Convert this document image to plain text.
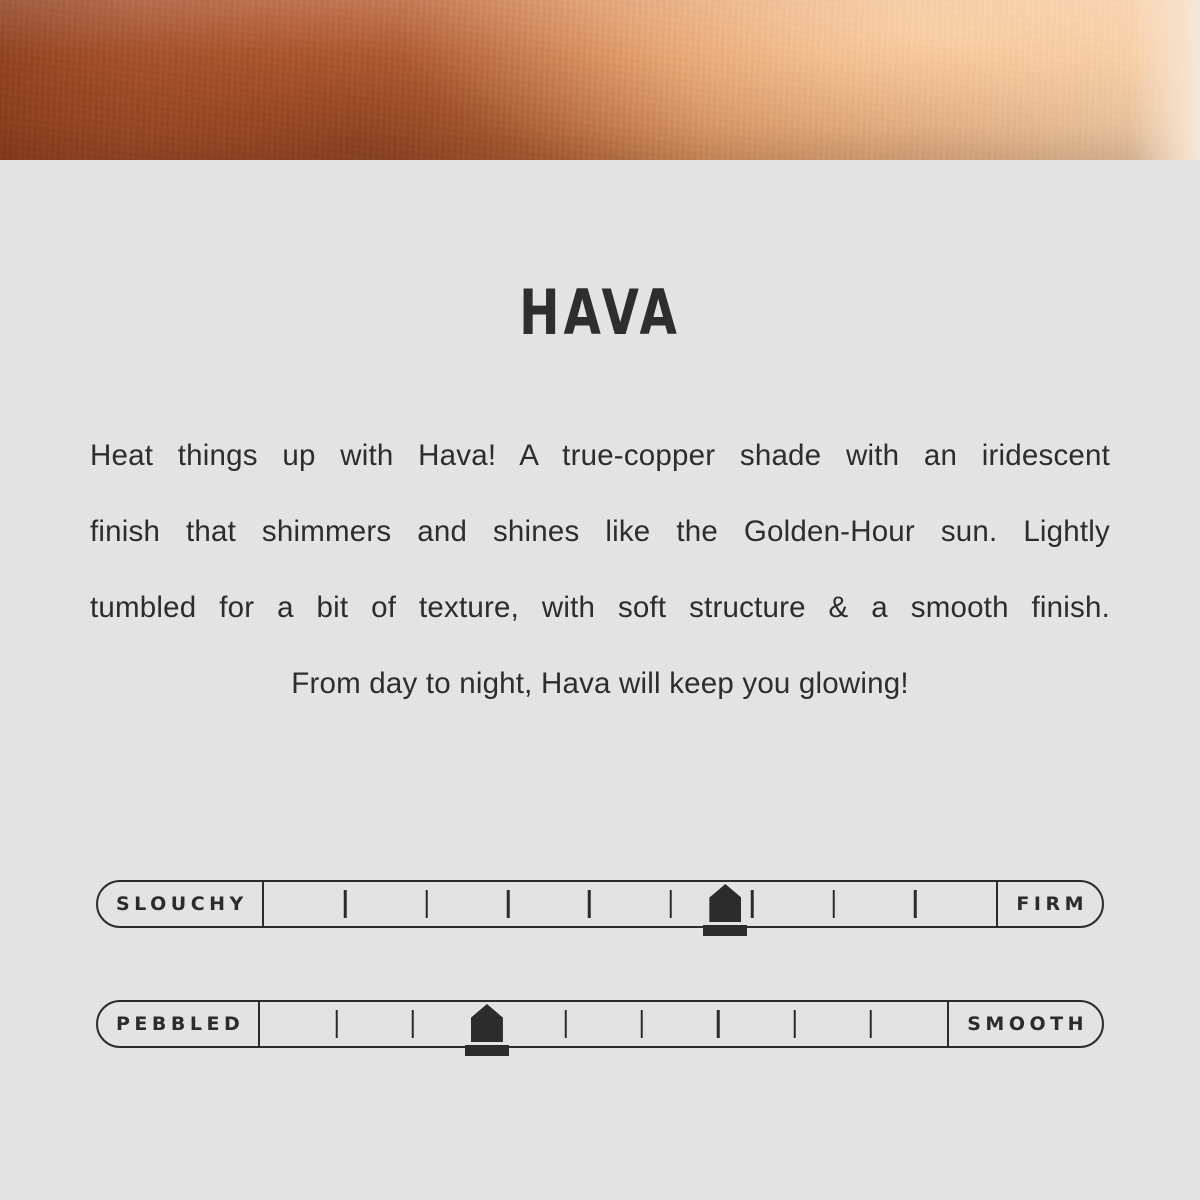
HAVA

Heat things up with Hava! A true-copper shade with an iridescent

finish that shimmers and shines like the Golden-Hour sun. Lightly

tumbled for a bit of texture, with soft structure & a smooth finish.

From day to night, Hava will keep you glowing!

SLOUCHY	FIRM
PEBBLED	SMOOTH
